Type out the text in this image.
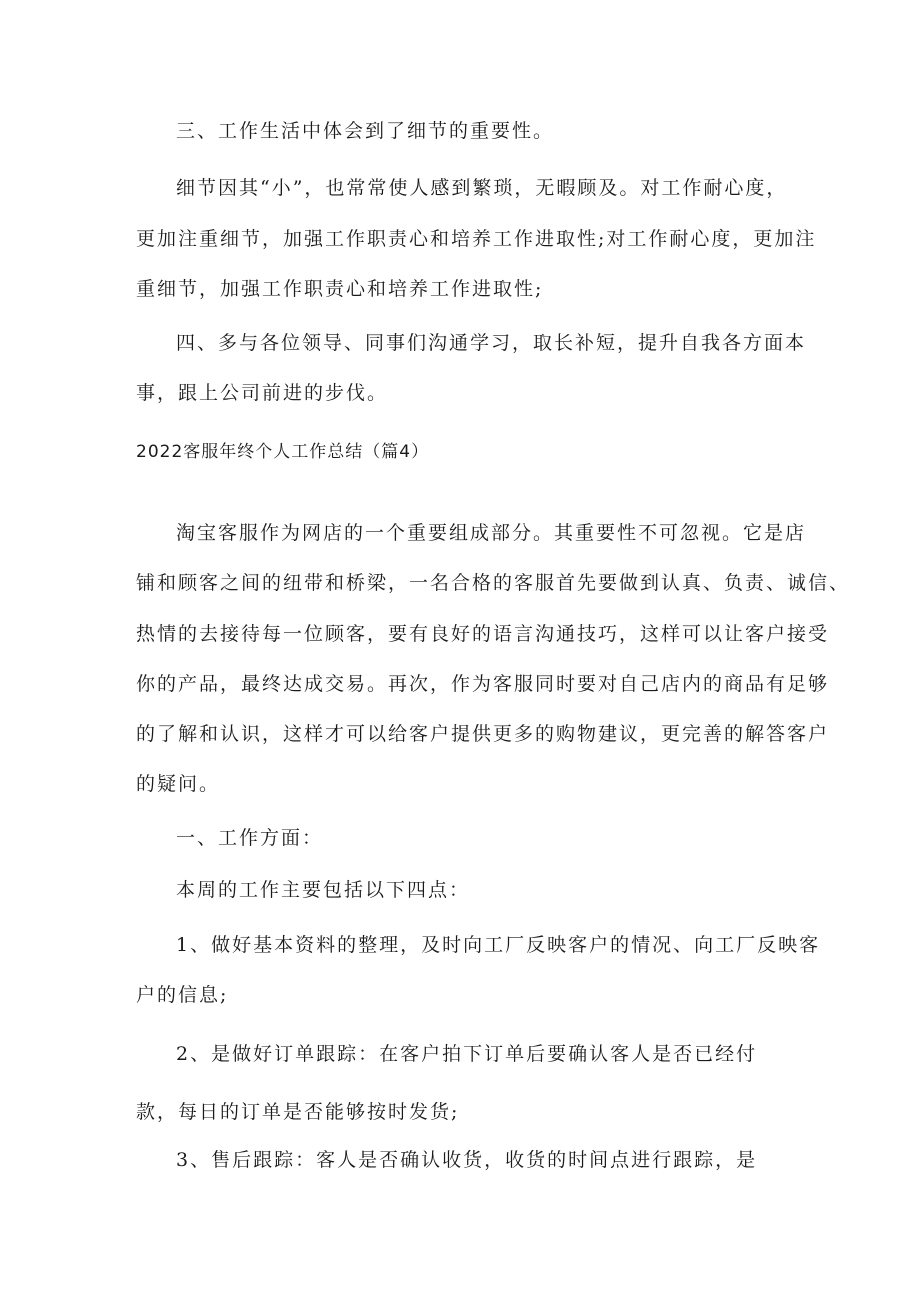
三、工作生活中体会到了细节的重要性。
细节因其“小”，也常常使人感到繁琐，无暇顾及。对工作耐心度，
更加注重细节，加强工作职责心和培养工作进取性;对工作耐心度，更加注
重细节，加强工作职责心和培养工作进取性;
四、多与各位领导、同事们沟通学习，取长补短，提升自我各方面本
事，跟上公司前进的步伐。
2022客服年终个人工作总结（篇4）
淘宝客服作为网店的一个重要组成部分。其重要性不可忽视。它是店
铺和顾客之间的纽带和桥梁，一名合格的客服首先要做到认真、负责、诚信、
热情的去接待每一位顾客，要有良好的语言沟通技巧，这样可以让客户接受
你的产品，最终达成交易。再次，作为客服同时要对自己店内的商品有足够
的了解和认识，这样才可以给客户提供更多的购物建议，更完善的解答客户
的疑问。
一、工作方面：
本周的工作主要包括以下四点：
1、做好基本资料的整理，及时向工厂反映客户的情况、向工厂反映客
户的信息;
2、是做好订单跟踪：在客户拍下订单后要确认客人是否已经付
款，每日的订单是否能够按时发货;
3、售后跟踪：客人是否确认收货，收货的时间点进行跟踪，是
